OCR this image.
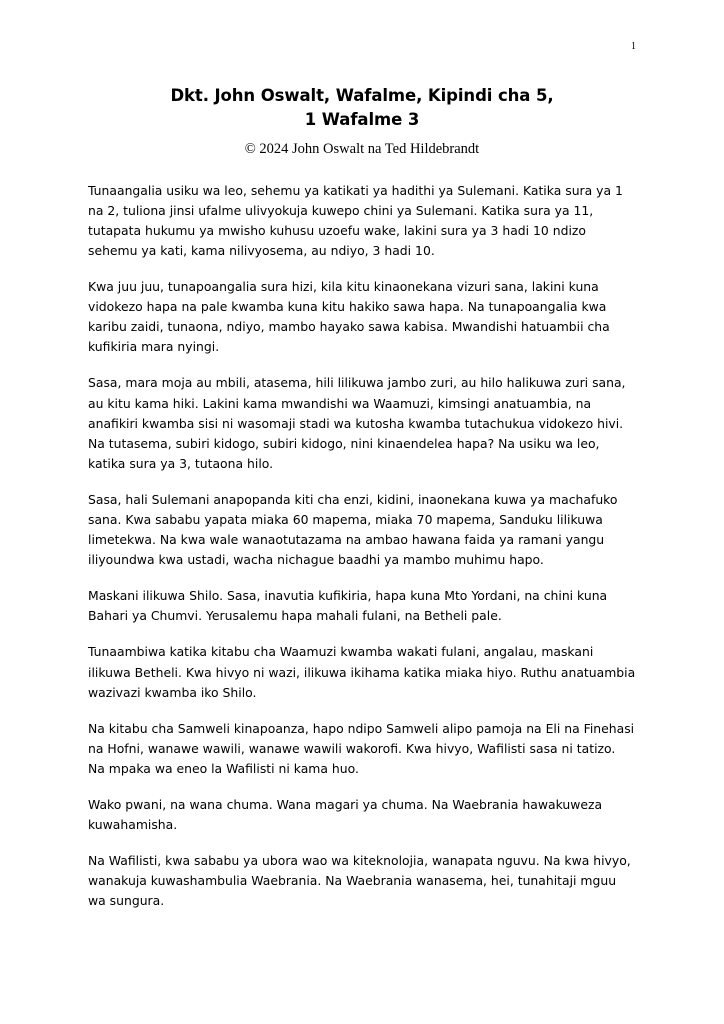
1
Dkt. John Oswalt, Wafalme, Kipindi cha 5,
1 Wafalme 3
© 2024 John Oswalt na Ted Hildebrandt

Tunaangalia usiku wa leo, sehemu ya katikati ya hadithi ya Sulemani. Katika sura ya 1 na 2, tuliona jinsi ufalme ulivyokuja kuwepo chini ya Sulemani. Katika sura ya 11, tutapata hukumu ya mwisho kuhusu uzoefu wake, lakini sura ya 3 hadi 10 ndizo sehemu ya kati, kama nilivyosema, au ndiyo, 3 hadi 10.

Kwa juu juu, tunapoangalia sura hizi, kila kitu kinaonekana vizuri sana, lakini kuna vidokezo hapa na pale kwamba kuna kitu hakiko sawa hapa. Na tunapoangalia kwa karibu zaidi, tunaona, ndiyo, mambo hayako sawa kabisa. Mwandishi hatuambii cha kufikiria mara nyingi.

Sasa, mara moja au mbili, atasema, hili lilikuwa jambo zuri, au hilo halikuwa zuri sana, au kitu kama hiki. Lakini kama mwandishi wa Waamuzi, kimsingi anatuambia, na anafikiri kwamba sisi ni wasomaji stadi wa kutosha kwamba tutachukua vidokezo hivi. Na tutasema, subiri kidogo, subiri kidogo, nini kinaendelea hapa? Na usiku wa leo, katika sura ya 3, tutaona hilo.

Sasa, hali Sulemani anapopanda kiti cha enzi, kidini, inaonekana kuwa ya machafuko sana. Kwa sababu yapata miaka 60 mapema, miaka 70 mapema, Sanduku lilikuwa limetekwa. Na kwa wale wanaotutazama na ambao hawana faida ya ramani yangu iliyoundwa kwa ustadi, wacha nichague baadhi ya mambo muhimu hapo.

Maskani ilikuwa Shilo. Sasa, inavutia kufikiria, hapa kuna Mto Yordani, na chini kuna Bahari ya Chumvi. Yerusalemu hapa mahali fulani, na Betheli pale.

Tunaambiwa katika kitabu cha Waamuzi kwamba wakati fulani, angalau, maskani ilikuwa Betheli. Kwa hivyo ni wazi, ilikuwa ikihama katika miaka hiyo. Ruthu anatuambia wazivazi kwamba iko Shilo.

Na kitabu cha Samweli kinapoanza, hapo ndipo Samweli alipo pamoja na Eli na Finehasi na Hofni, wanawe wawili, wanawe wawili wakorofi. Kwa hivyo, Wafilisti sasa ni tatizo. Na mpaka wa eneo la Wafilisti ni kama huo.

Wako pwani, na wana chuma. Wana magari ya chuma. Na Waebrania hawakuweza kuwahamisha.

Na Wafilisti, kwa sababu ya ubora wao wa kiteknolojia, wanapata nguvu. Na kwa hivyo, wanakuja kuwashambulia Waebrania. Na Waebrania wanasema, hei, tunahitaji mguu wa sungura.
